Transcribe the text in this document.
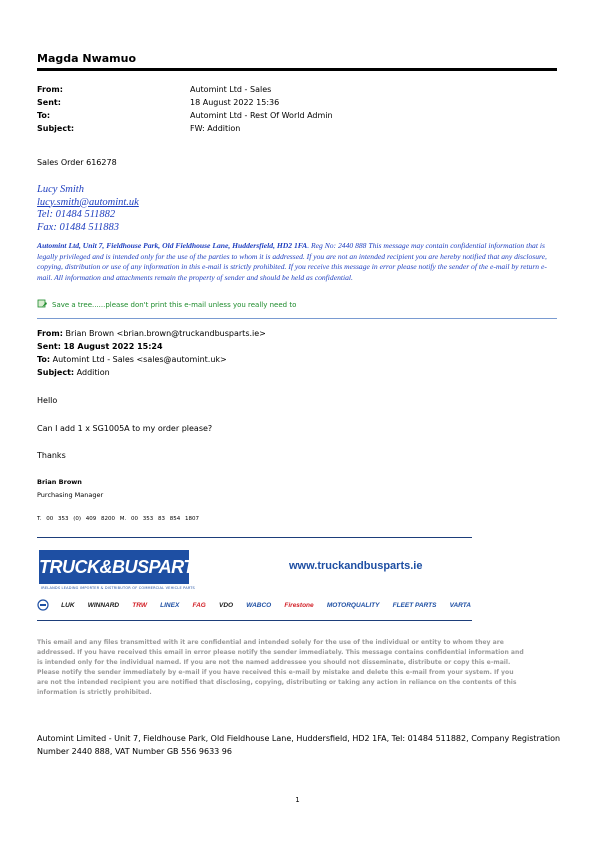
Magda Nwamuo
From:	Automint Ltd - Sales
Sent:	18 August 2022 15:36
To:	Automint Ltd - Rest Of World Admin
Subject:	FW: Addition
Sales Order 616278
Lucy Smith
lucy.smith@automint.uk
Tel: 01484 511882
Fax: 01484 511883
Automint Ltd, Unit 7, Fieldhouse Park, Old Fieldhouse Lane, Huddersfield, HD2 1FA. Reg No: 2440 888 This message may contain confidential information that is legally privileged and is intended only for the use of the parties to whom it is addressed. If you are not an intended recipient you are hereby notified that any disclosure, copying, distribution or use of any information in this e-mail is strictly prohibited. If you receive this message in error please notify the sender of the e-mail by return e-mail. All information and attachments remain the property of sender and should be held as confidential.
Save a tree......please don't print this e-mail unless you really need to
From: Brian Brown <brian.brown@truckandbusparts.ie>
Sent: 18 August 2022 15:24
To: Automint Ltd - Sales <sales@automint.uk>
Subject: Addition
Hello
Can I add 1 x SG1005A to my order please?
Thanks
Brian Brown
Purchasing Manager
T. 00 353 (0) 409 8200 M. 00 353 83 854 1807
TRUCK&BUSPARTS
IRELANDS LEADING IMPORTER & DISTRIBUTOR OF COMMERCIAL VEHICLE PARTS
www.truckandbusparts.ie
LUK WINNARD TRW LINEX FAG VDO WABCO Firestone MOTORQUALITY FLEET PARTS VARTA
This email and any files transmitted with it are confidential and intended solely for the use of the individual or entity to whom they are addressed. If you have received this email in error please notify the sender immediately. This message contains confidential information and is intended only for the individual named. If you are not the named addressee you should not disseminate, distribute or copy this e-mail. Please notify the sender immediately by e-mail if you have received this e-mail by mistake and delete this e-mail from your system. If you are not the intended recipient you are notified that disclosing, copying, distributing or taking any action in reliance on the contents of this information is strictly prohibited.
Automint Limited - Unit 7, Fieldhouse Park, Old Fieldhouse Lane, Huddersfield, HD2 1FA, Tel: 01484 511882, Company Registration Number 2440 888, VAT Number GB 556 9633 96
1
